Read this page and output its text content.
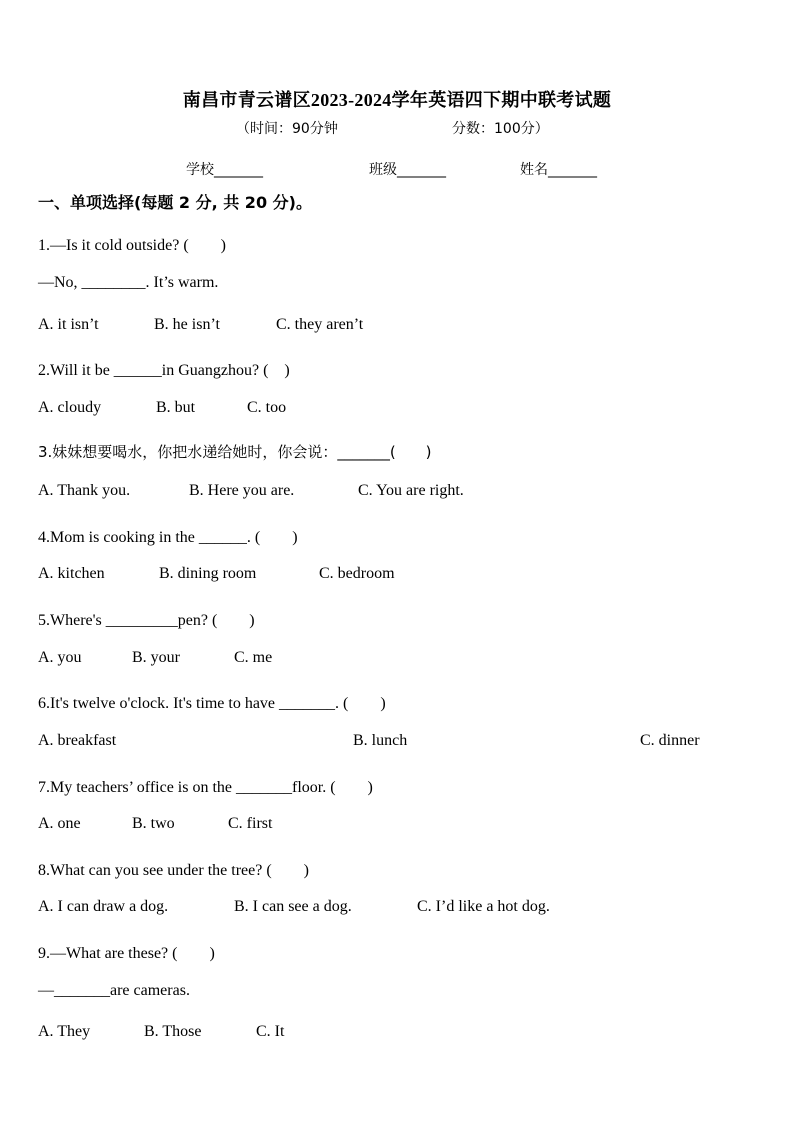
南昌市青云谱区2023-2024学年英语四下期中联考试题
（时间：90分钟	分数：100分）
学校_______	班级_______	姓名_______
一、单项选择(每题 2 分, 共 20 分)。
1.—Is it cold outside? (　　)
—No, ________. It’s warm.
A. it isn’t	B. he isn’t	C. they aren’t
2.Will it be ______in Guangzhou? (　)
A. cloudy	B. but	C. too
3.妹妹想要喝水，你把水递给她时，你会说：_______(　　)
A. Thank you.	B. Here you are.	C. You are right.
4.Mom is cooking in the ______. (　　)
A. kitchen	B. dining room	C. bedroom
5.Where's _________pen? (　　)
A. you	B. your	C. me
6.It's twelve o'clock. It's time to have _______. (　　)
A. breakfast	B. lunch	C. dinner
7.My teachers’ office is on the _______floor. (　　)
A. one	B. two	C. first
8.What can you see under the tree? (　　)
A. I can draw a dog.	B. I can see a dog.	C. I’d like a hot dog.
9.—What are these? (　　)
—_______are cameras.
A. They	B. Those	C. It
